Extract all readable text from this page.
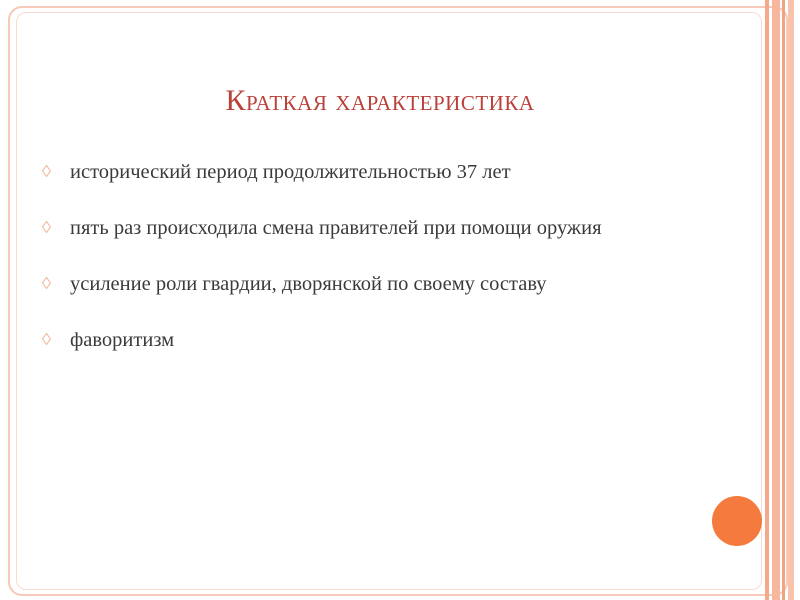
Краткая характеристика
исторический период продолжительностью 37 лет
пять раз происходила смена правителей при помощи оружия
усиление роли гвардии, дворянской по своему составу
фаворитизм
